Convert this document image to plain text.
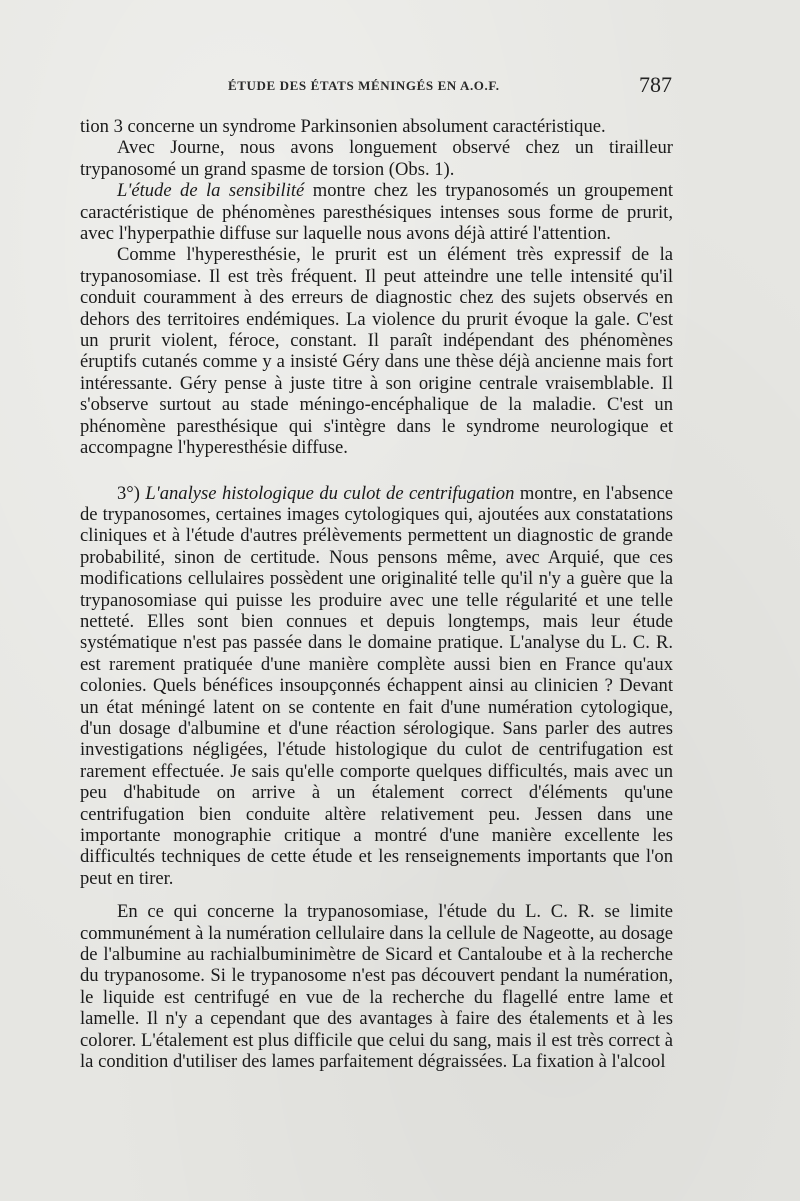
ÉTUDE DES ÉTATS MÉNINGÉS EN A.O.F.	787

tion 3 concerne un syndrome Parkinsonien absolument caractéristique.

Avec Journe, nous avons longuement observé chez un tirailleur trypanosomé un grand spasme de torsion (Obs. 1).

L'étude de la sensibilité montre chez les trypanosomés un groupement caractéristique de phénomènes paresthésiques intenses sous forme de prurit, avec l'hyperpathie diffuse sur laquelle nous avons déjà attiré l'attention.

Comme l'hyperesthésie, le prurit est un élément très expressif de la trypanosomiase. Il est très fréquent. Il peut atteindre une telle intensité qu'il conduit couramment à des erreurs de diagnostic chez des sujets observés en dehors des territoires endémiques. La violence du prurit évoque la gale. C'est un prurit violent, féroce, constant. Il paraît indépendant des phénomènes éruptifs cutanés comme y a insisté Géry dans une thèse déjà ancienne mais fort intéressante. Géry pense à juste titre à son origine centrale vraisemblable. Il s'observe surtout au stade méningo-encéphalique de la maladie. C'est un phénomène paresthésique qui s'intègre dans le syndrome neurologique et accompagne l'hyperesthésie diffuse.

3°) L'analyse histologique du culot de centrifugation montre, en l'absence de trypanosomes, certaines images cytologiques qui, ajoutées aux constatations cliniques et à l'étude d'autres prélèvements permettent un diagnostic de grande probabilité, sinon de certitude. Nous pensons même, avec Arquié, que ces modifications cellulaires possèdent une originalité telle qu'il n'y a guère que la trypanosomiase qui puisse les produire avec une telle régularité et une telle netteté. Elles sont bien connues et depuis longtemps, mais leur étude systématique n'est pas passée dans le domaine pratique. L'analyse du L. C. R. est rarement pratiquée d'une manière complète aussi bien en France qu'aux colonies. Quels bénéfices insoupçonnés échappent ainsi au clinicien ? Devant un état méningé latent on se contente en fait d'une numération cytologique, d'un dosage d'albumine et d'une réaction sérologique. Sans parler des autres investigations négligées, l'étude histologique du culot de centrifugation est rarement effectuée. Je sais qu'elle comporte quelques difficultés, mais avec un peu d'habitude on arrive à un étalement correct d'éléments qu'une centrifugation bien conduite altère relativement peu. Jessen dans une importante monographie critique a montré d'une manière excellente les difficultés techniques de cette étude et les renseignements importants que l'on peut en tirer.

En ce qui concerne la trypanosomiase, l'étude du L. C. R. se limite communément à la numération cellulaire dans la cellule de Nageotte, au dosage de l'albumine au rachialbuminimètre de Sicard et Cantaloube et à la recherche du trypanosome. Si le trypanosome n'est pas découvert pendant la numération, le liquide est centrifugé en vue de la recherche du flagellé entre lame et lamelle. Il n'y a cependant que des avantages à faire des étalements et à les colorer. L'étalement est plus difficile que celui du sang, mais il est très correct à la condition d'utiliser des lames parfaitement dégraissées. La fixation à l'alcool
